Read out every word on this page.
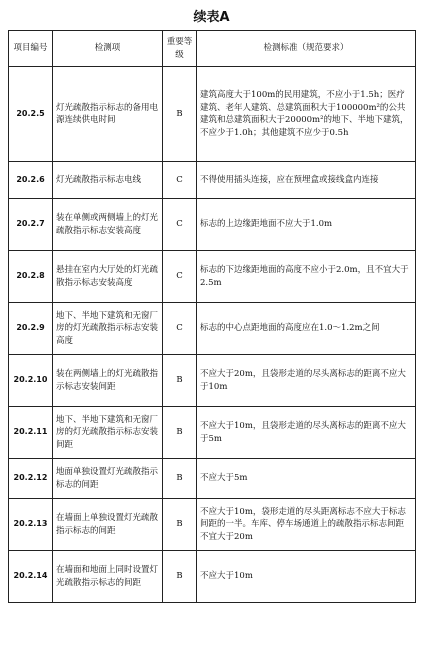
续表A
项目编号	检测项	重要等级	检测标准（规范要求）
20.2.5	灯光疏散指示标志的备用电源连续供电时间	B	建筑高度大于100m的民用建筑，不应小于1.5h；医疗建筑、老年人建筑、总建筑面积大于100000m²的公共建筑和总建筑面积大于20000m²的地下、半地下建筑，不应少于1.0h；其他建筑不应少于0.5h
20.2.6	灯光疏散指示标志电线	C	不得使用插头连接，应在预埋盒或接线盒内连接
20.2.7	装在单侧或两侧墙上的灯光疏散指示标志安装高度	C	标志的上边缘距地面不应大于1.0m
20.2.8	悬挂在室内大厅处的灯光疏散指示标志安装高度	C	标志的下边缘距地面的高度不应小于2.0m，且不宜大于2.5m
20.2.9	地下、半地下建筑和无窗厂房的灯光疏散指示标志安装高度	C	标志的中心点距地面的高度应在1.0～1.2m之间
20.2.10	装在两侧墙上的灯光疏散指示标志安装间距	B	不应大于20m，且袋形走道的尽头离标志的距离不应大于10m
20.2.11	地下、半地下建筑和无窗厂房的灯光疏散指示标志安装间距	B	不应大于10m，且袋形走道的尽头离标志的距离不应大于5m
20.2.12	地面单独设置灯光疏散指示标志的间距	B	不应大于5m
20.2.13	在墙面上单独设置灯光疏散指示标志的间距	B	不应大于10m，袋形走道的尽头距离标志不应大于标志间距的一半。车库、停车场通道上的疏散指示标志间距不宜大于20m
20.2.14	在墙面和地面上同时设置灯光疏散指示标志的间距	B	不应大于10m
